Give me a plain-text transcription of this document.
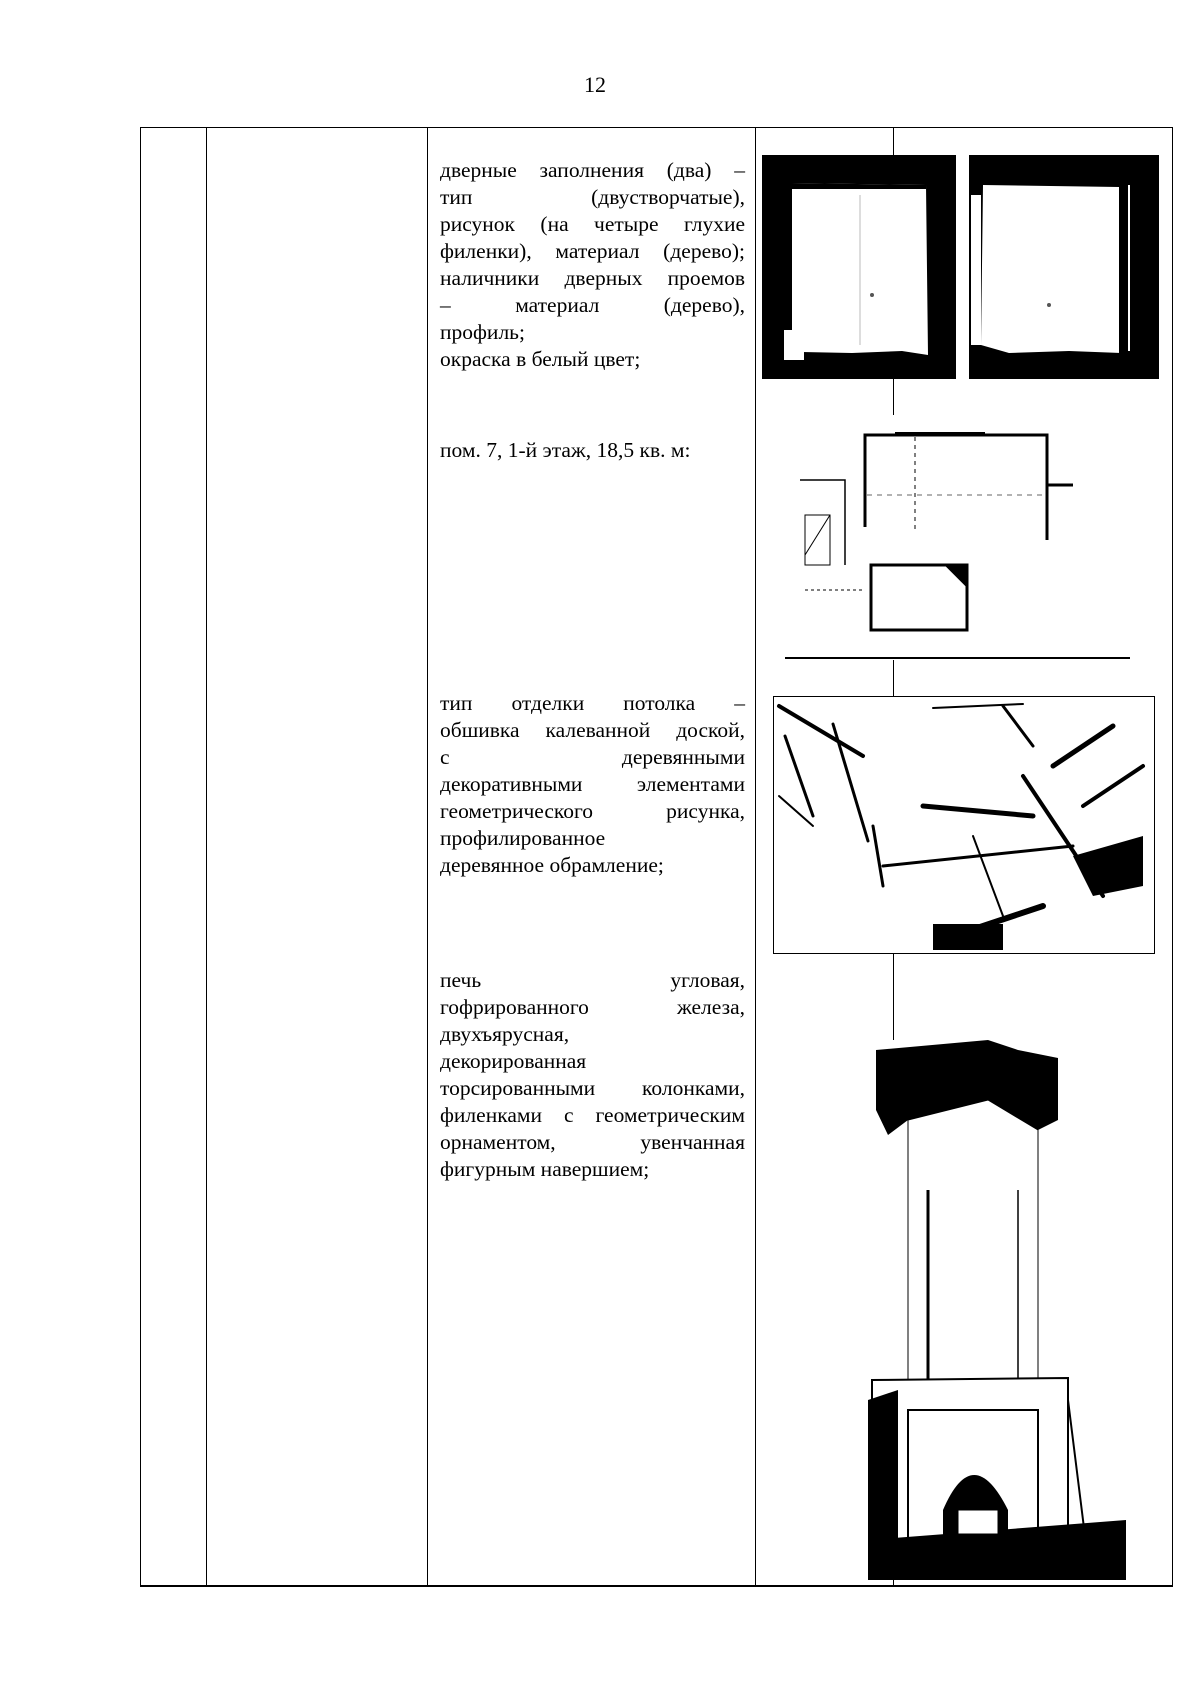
12

дверные заполнения (два) –
тип (двустворчатые),
рисунок (на четыре глухие
филенки), материал (дерево);
наличники дверных проемов
– материал (дерево),
профиль;
окраска в белый цвет;

пом. 7, 1-й этаж, 18,5 кв. м:

тип отделки потолка –
обшивка калеванной доской,
с деревянными
декоративными элементами
геометрического рисунка,
профилированное
деревянное обрамление;

печь угловая,
гофрированного железа,
двухъярусная,
декорированная
торсированными колонками,
филенками с геометрическим
орнаментом, увенчанная
фигурным навершием;
